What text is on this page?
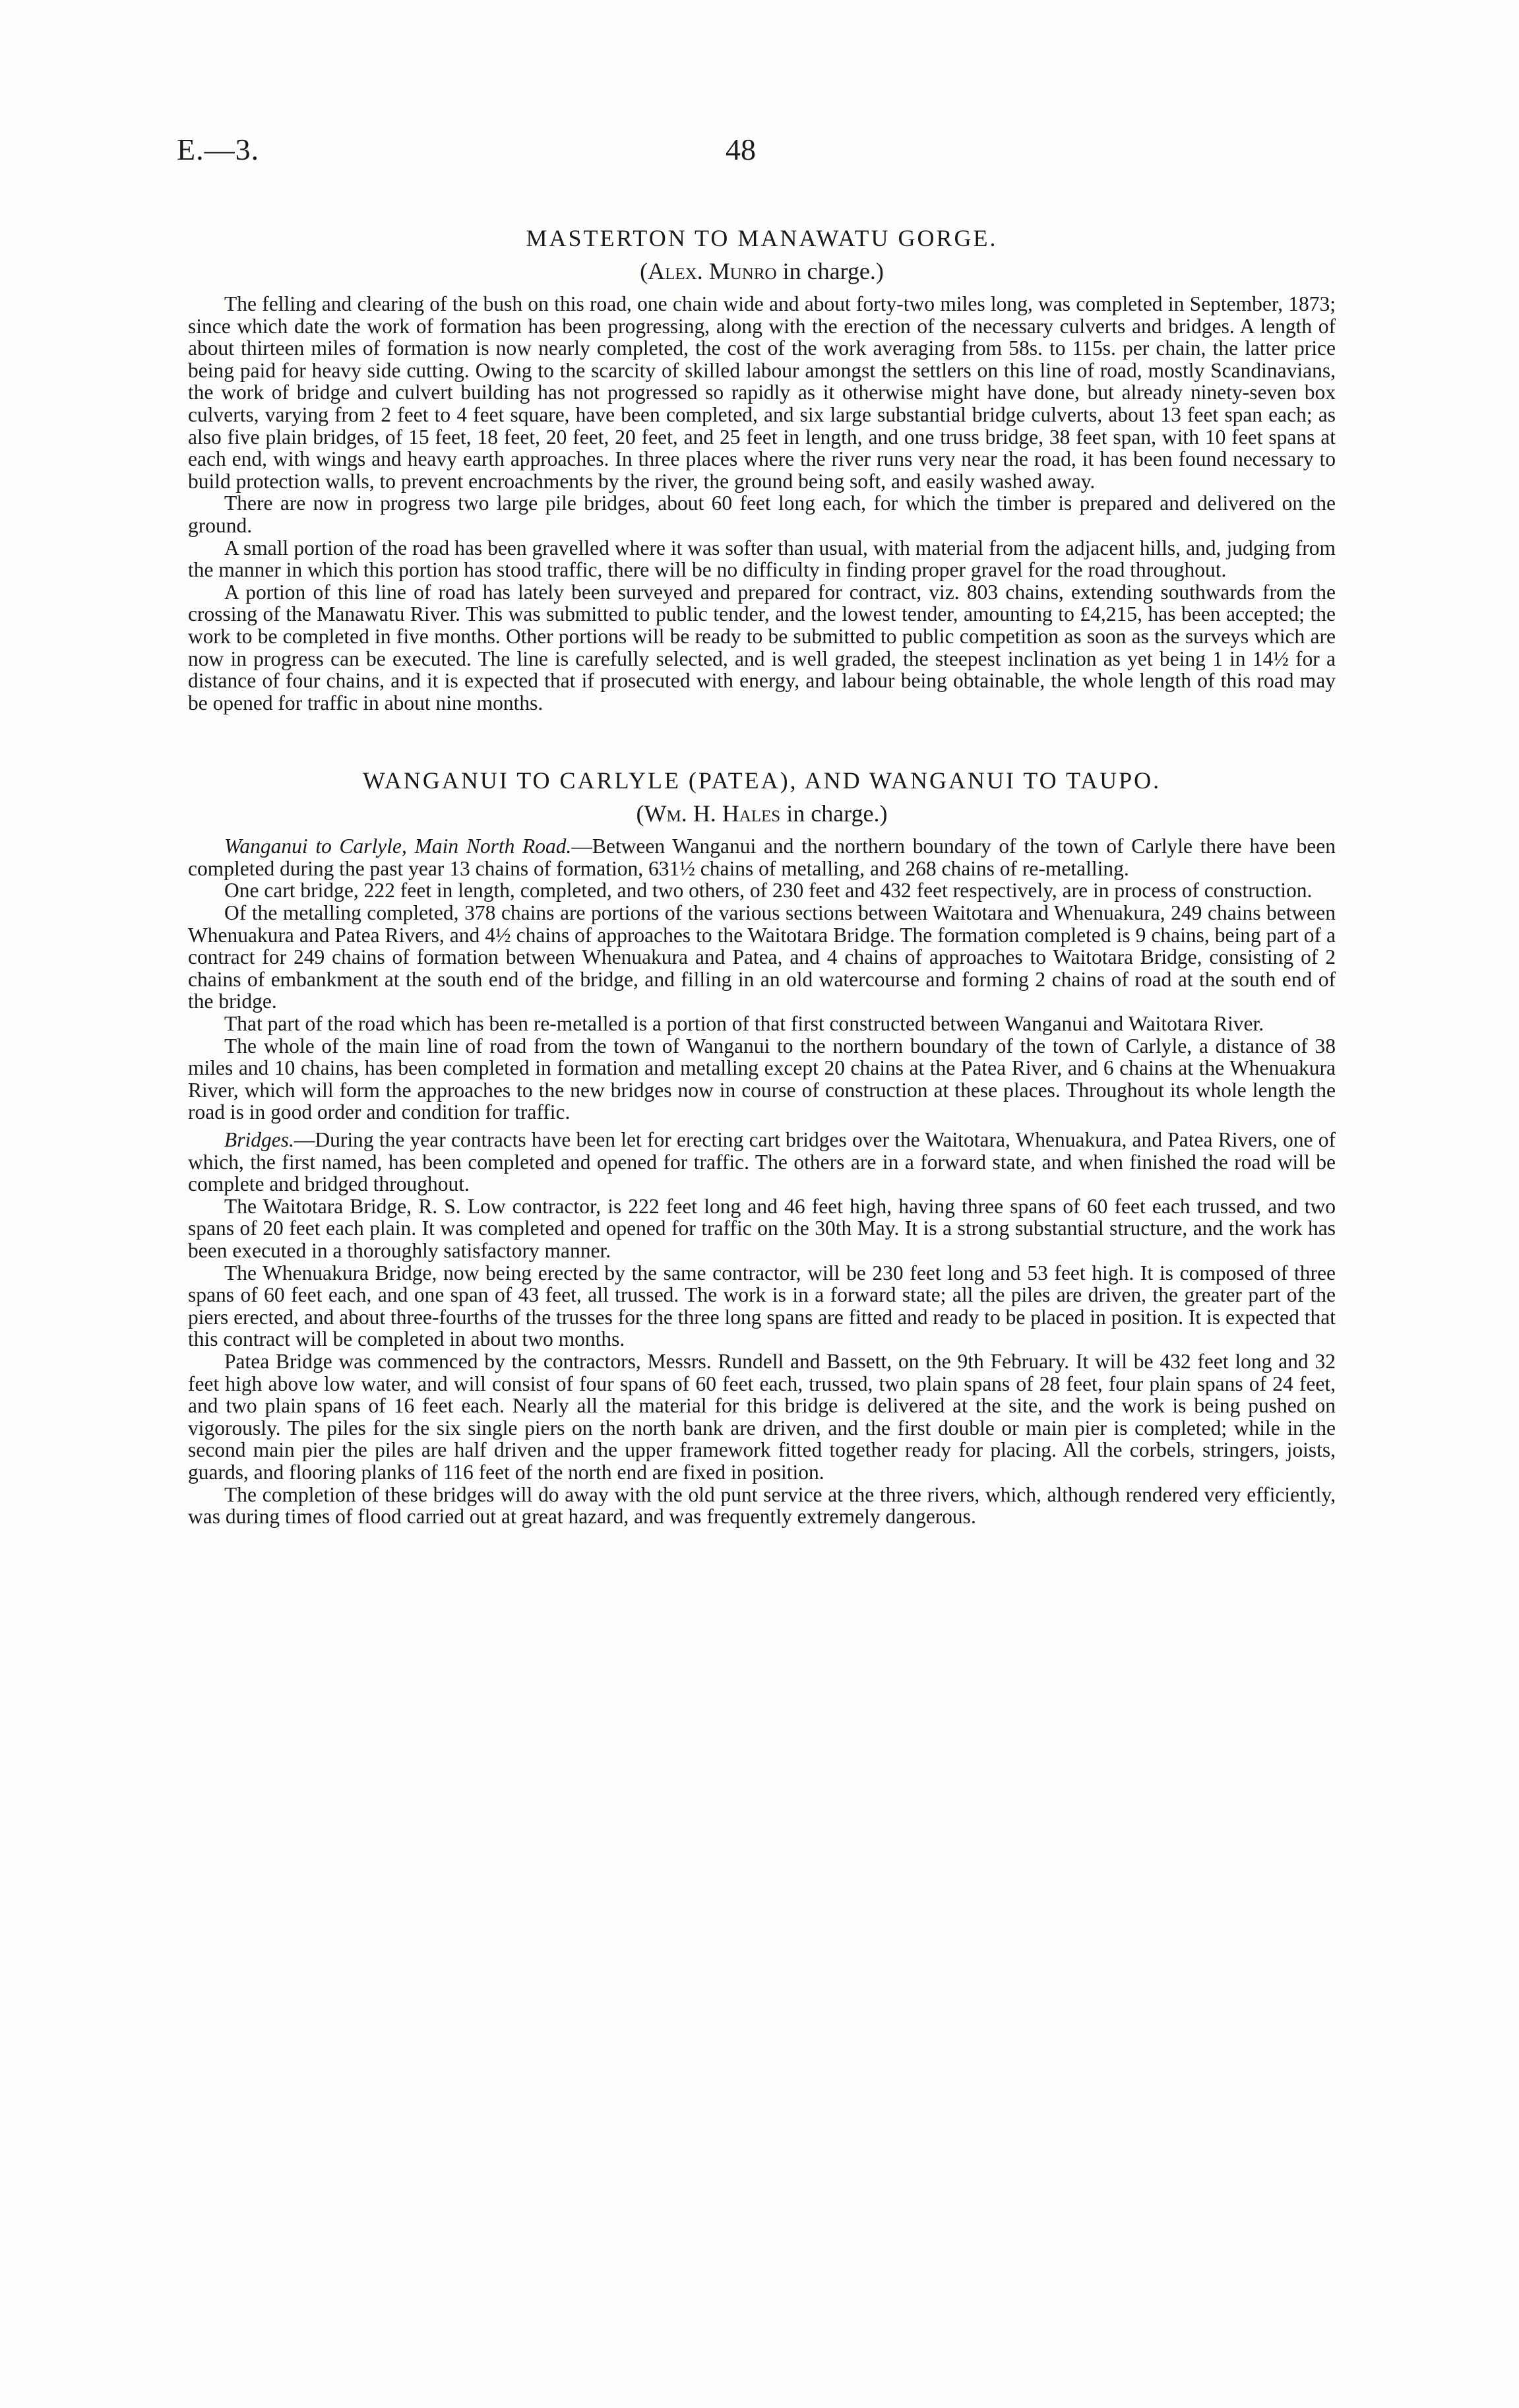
E.—3.	48
MASTERTON TO MANAWATU GORGE.
(Alex. Munro in charge.)

The felling and clearing of the bush on this road, one chain wide and about forty-two miles long, was completed in September, 1873; since which date the work of formation has been progressing, along with the erection of the necessary culverts and bridges. A length of about thirteen miles of formation is now nearly completed, the cost of the work averaging from 58s. to 115s. per chain, the latter price being paid for heavy side cutting. Owing to the scarcity of skilled labour amongst the settlers on this line of road, mostly Scandinavians, the work of bridge and culvert building has not progressed so rapidly as it otherwise might have done, but already ninety-seven box culverts, varying from 2 feet to 4 feet square, have been completed, and six large substantial bridge culverts, about 13 feet span each; as also five plain bridges, of 15 feet, 18 feet, 20 feet, 20 feet, and 25 feet in length, and one truss bridge, 38 feet span, with 10 feet spans at each end, with wings and heavy earth approaches. In three places where the river runs very near the road, it has been found necessary to build protection walls, to prevent encroachments by the river, the ground being soft, and easily washed away.

There are now in progress two large pile bridges, about 60 feet long each, for which the timber is prepared and delivered on the ground.

A small portion of the road has been gravelled where it was softer than usual, with material from the adjacent hills, and, judging from the manner in which this portion has stood traffic, there will be no difficulty in finding proper gravel for the road throughout.

A portion of this line of road has lately been surveyed and prepared for contract, viz. 803 chains, extending southwards from the crossing of the Manawatu River. This was submitted to public tender, and the lowest tender, amounting to £4,215, has been accepted; the work to be completed in five months. Other portions will be ready to be submitted to public competition as soon as the surveys which are now in progress can be executed. The line is carefully selected, and is well graded, the steepest inclination as yet being 1 in 14½ for a distance of four chains, and it is expected that if prosecuted with energy, and labour being obtainable, the whole length of this road may be opened for traffic in about nine months.

WANGANUI TO CARLYLE (PATEA), AND WANGANUI TO TAUPO.
(Wm. H. Hales in charge.)

Wanganui to Carlyle, Main North Road.—Between Wanganui and the northern boundary of the town of Carlyle there have been completed during the past year 13 chains of formation, 631½ chains of metalling, and 268 chains of re-metalling.

One cart bridge, 222 feet in length, completed, and two others, of 230 feet and 432 feet respectively, are in process of construction.

Of the metalling completed, 378 chains are portions of the various sections between Waitotara and Whenuakura, 249 chains between Whenuakura and Patea Rivers, and 4½ chains of approaches to the Waitotara Bridge. The formation completed is 9 chains, being part of a contract for 249 chains of formation between Whenuakura and Patea, and 4 chains of approaches to Waitotara Bridge, consisting of 2 chains of embankment at the south end of the bridge, and filling in an old watercourse and forming 2 chains of road at the south end of the bridge.

That part of the road which has been re-metalled is a portion of that first constructed between Wanganui and Waitotara River.

The whole of the main line of road from the town of Wanganui to the northern boundary of the town of Carlyle, a distance of 38 miles and 10 chains, has been completed in formation and metalling except 20 chains at the Patea River, and 6 chains at the Whenuakura River, which will form the approaches to the new bridges now in course of construction at these places. Throughout its whole length the road is in good order and condition for traffic.

Bridges.—During the year contracts have been let for erecting cart bridges over the Waitotara, Whenuakura, and Patea Rivers, one of which, the first named, has been completed and opened for traffic. The others are in a forward state, and when finished the road will be complete and bridged throughout.

The Waitotara Bridge, R. S. Low contractor, is 222 feet long and 46 feet high, having three spans of 60 feet each trussed, and two spans of 20 feet each plain. It was completed and opened for traffic on the 30th May. It is a strong substantial structure, and the work has been executed in a thoroughly satisfactory manner.

The Whenuakura Bridge, now being erected by the same contractor, will be 230 feet long and 53 feet high. It is composed of three spans of 60 feet each, and one span of 43 feet, all trussed. The work is in a forward state; all the piles are driven, the greater part of the piers erected, and about three-fourths of the trusses for the three long spans are fitted and ready to be placed in position. It is expected that this contract will be completed in about two months.

Patea Bridge was commenced by the contractors, Messrs. Rundell and Bassett, on the 9th February. It will be 432 feet long and 32 feet high above low water, and will consist of four spans of 60 feet each, trussed, two plain spans of 28 feet, four plain spans of 24 feet, and two plain spans of 16 feet each. Nearly all the material for this bridge is delivered at the site, and the work is being pushed on vigorously. The piles for the six single piers on the north bank are driven, and the first double or main pier is completed; while in the second main pier the piles are half driven and the upper framework fitted together ready for placing. All the corbels, stringers, joists, guards, and flooring planks of 116 feet of the north end are fixed in position.

The completion of these bridges will do away with the old punt service at the three rivers, which, although rendered very efficiently, was during times of flood carried out at great hazard, and was frequently extremely dangerous.
